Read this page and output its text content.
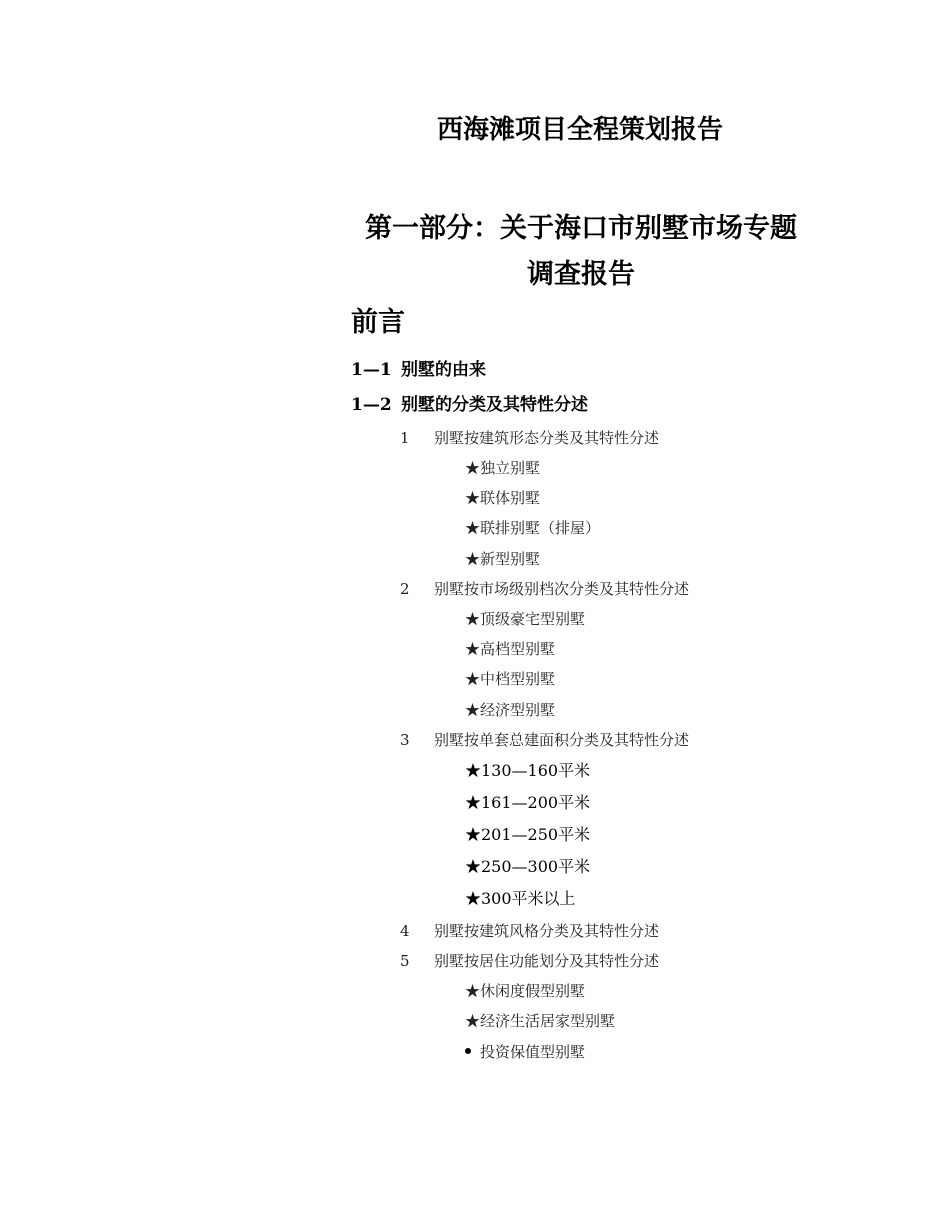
西海滩项目全程策划报告
第一部分：关于海口市别墅市场专题
调查报告
前言
1—1 别墅的由来
1—2 别墅的分类及其特性分述
1 别墅按建筑形态分类及其特性分述
★独立别墅
★联体别墅
★联排别墅（排屋）
★新型别墅
2 别墅按市场级别档次分类及其特性分述
★顶级豪宅型别墅
★高档型别墅
★中档型别墅
★经济型别墅
3 别墅按单套总建面积分类及其特性分述
★130—160平米
★161—200平米
★201—250平米
★250—300平米
★300平米以上
4 别墅按建筑风格分类及其特性分述
5 别墅按居住功能划分及其特性分述
★休闲度假型别墅
★经济生活居家型别墅
投资保值型别墅
